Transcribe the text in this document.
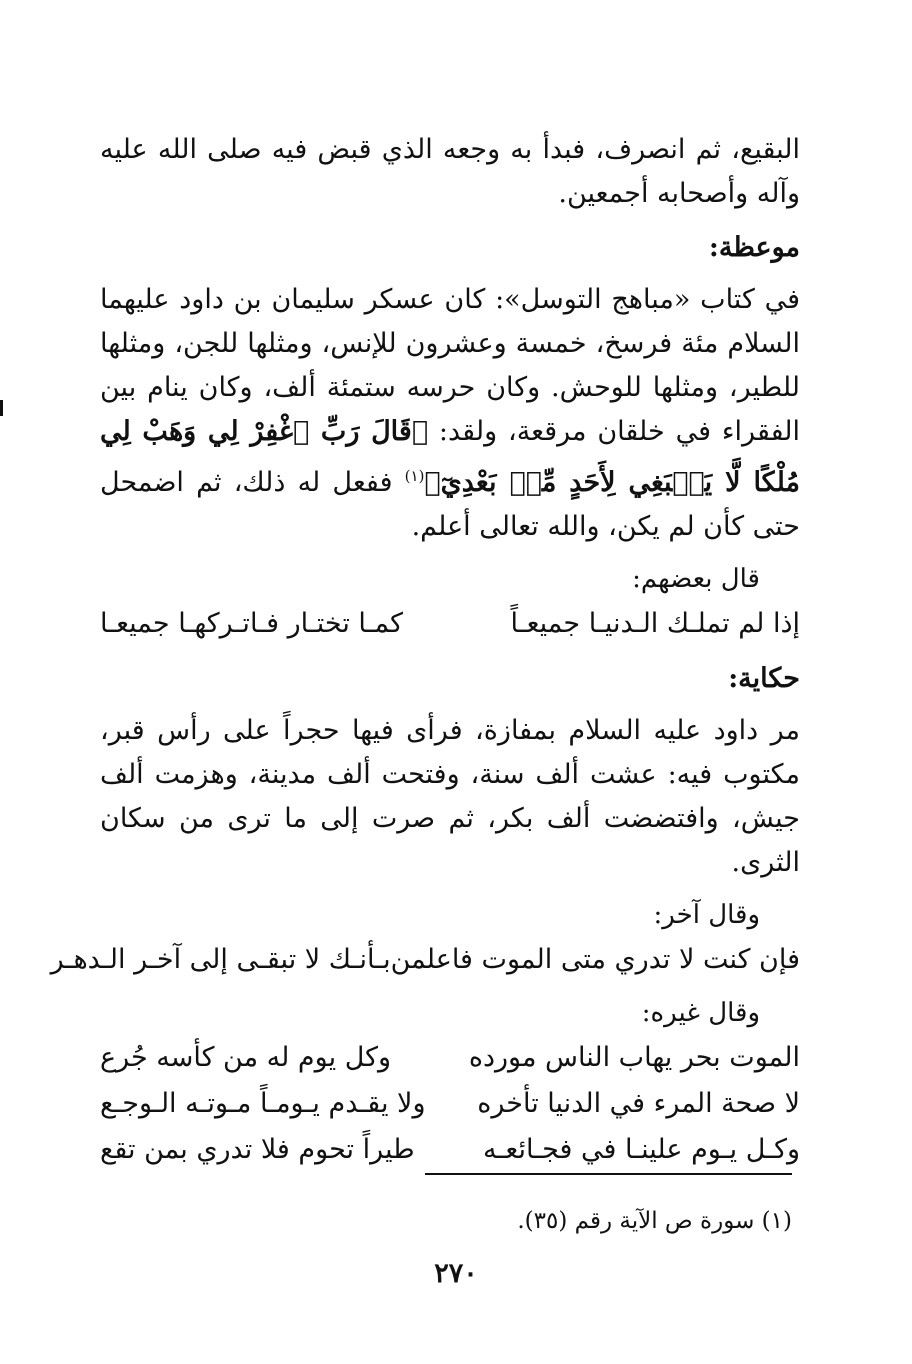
البقيع، ثم انصرف، فبدأ به وجعه الذي قبض فيه صلى الله عليه وآله وأصحابه أجمعين.

موعظة:

في كتاب «مباهج التوسل»: كان عسكر سليمان بن داود عليهما السلام مئة فرسخ، خمسة وعشرون للإنس، ومثلها للجن، ومثلها للطير، ومثلها للوحش. وكان حرسه ستمئة ألف، وكان ينام بين الفقراء في خلقان مرقعة، ولقد: ﴿قَالَ رَبِّ ٱغْفِرْ لِي وَهَبْ لِي مُلْكًا لَّا يَنۢبَغِي لِأَحَدٍ مِّنۢ بَعْدِيٓ﴾$^{(١)}$ ففعل له ذلك، ثم اضمحل حتى كأن لم يكن، والله تعالى أعلم.

قال بعضهم:
إذا لم تملـك الـدنيـا جميعـاً
كمـا تختـار فـاتـركهـا جميعـا
حكاية:

مر داود عليه السلام بمفازة، فرأى فيها حجراً على رأس قبر، مكتوب فيه: عشت ألف سنة، وفتحت ألف مدينة، وهزمت ألف جيش، وافتضضت ألف بكر، ثم صرت إلى ما ترى من سكان الثرى.

وقال آخر:
فإن كنت لا تدري متى الموت فاعلمن
بـأنـك لا تبقـى إلى آخـر الـدهـر
وقال غيره:
الموت بحر يهاب الناس مورده
وكل يوم له من كأسه جُرع
لا صحة المرء في الدنيا تأخره
ولا يقـدم يـومـاً مـوتـه الـوجـع
وكـل يـوم علينـا في فجـائعـه
طيراً تحوم فلا تدري بمن تقع
(١) سورة ص الآية رقم (٣٥).
٢٧٠
